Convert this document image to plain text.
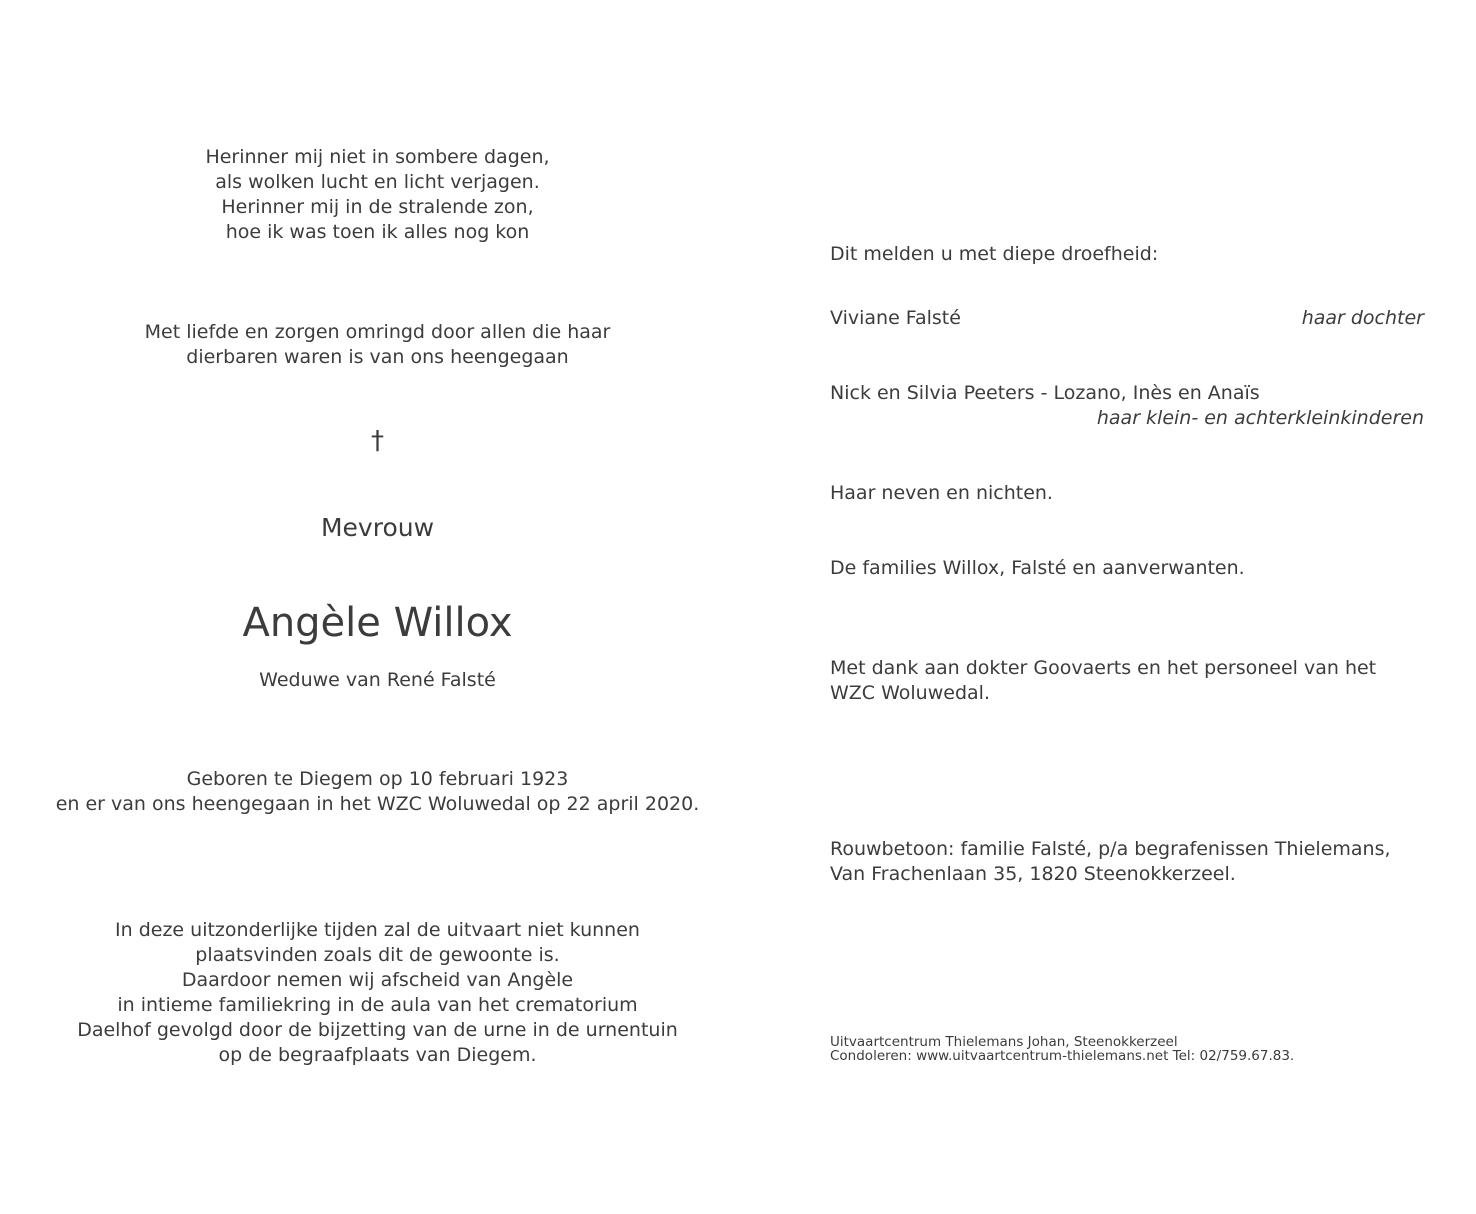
Herinner mij niet in sombere dagen,
als wolken lucht en licht verjagen.
Herinner mij in de stralende zon,
hoe ik was toen ik alles nog kon
Met liefde en zorgen omringd door allen die haar
dierbaren waren is van ons heengegaan
†
Mevrouw
Angèle Willox
Weduwe van René Falsté
Geboren te Diegem op 10 februari 1923
en er van ons heengegaan in het WZC Woluwedal op 22 april 2020.
In deze uitzonderlijke tijden zal de uitvaart niet kunnen
plaatsvinden zoals dit de gewoonte is.
Daardoor nemen wij afscheid van Angèle
in intieme familiekring in de aula van het crematorium
Daelhof gevolgd door de bijzetting van de urne in de urnentuin
op de begraafplaats van Diegem.
Dit melden u met diepe droefheid:
Viviane Falsté	haar dochter
Nick en Silvia Peeters - Lozano, Inès en Anaïs
haar klein- en achterkleinkinderen
Haar neven en nichten.
De families Willox, Falsté en aanverwanten.
Met dank aan dokter Goovaerts en het personeel van het
WZC Woluwedal.
Rouwbetoon: familie Falsté, p/a begrafenissen Thielemans,
Van Frachenlaan 35, 1820 Steenokkerzeel.
Uitvaartcentrum Thielemans Johan, Steenokkerzeel
Condoleren: www.uitvaartcentrum-thielemans.net Tel: 02/759.67.83.
